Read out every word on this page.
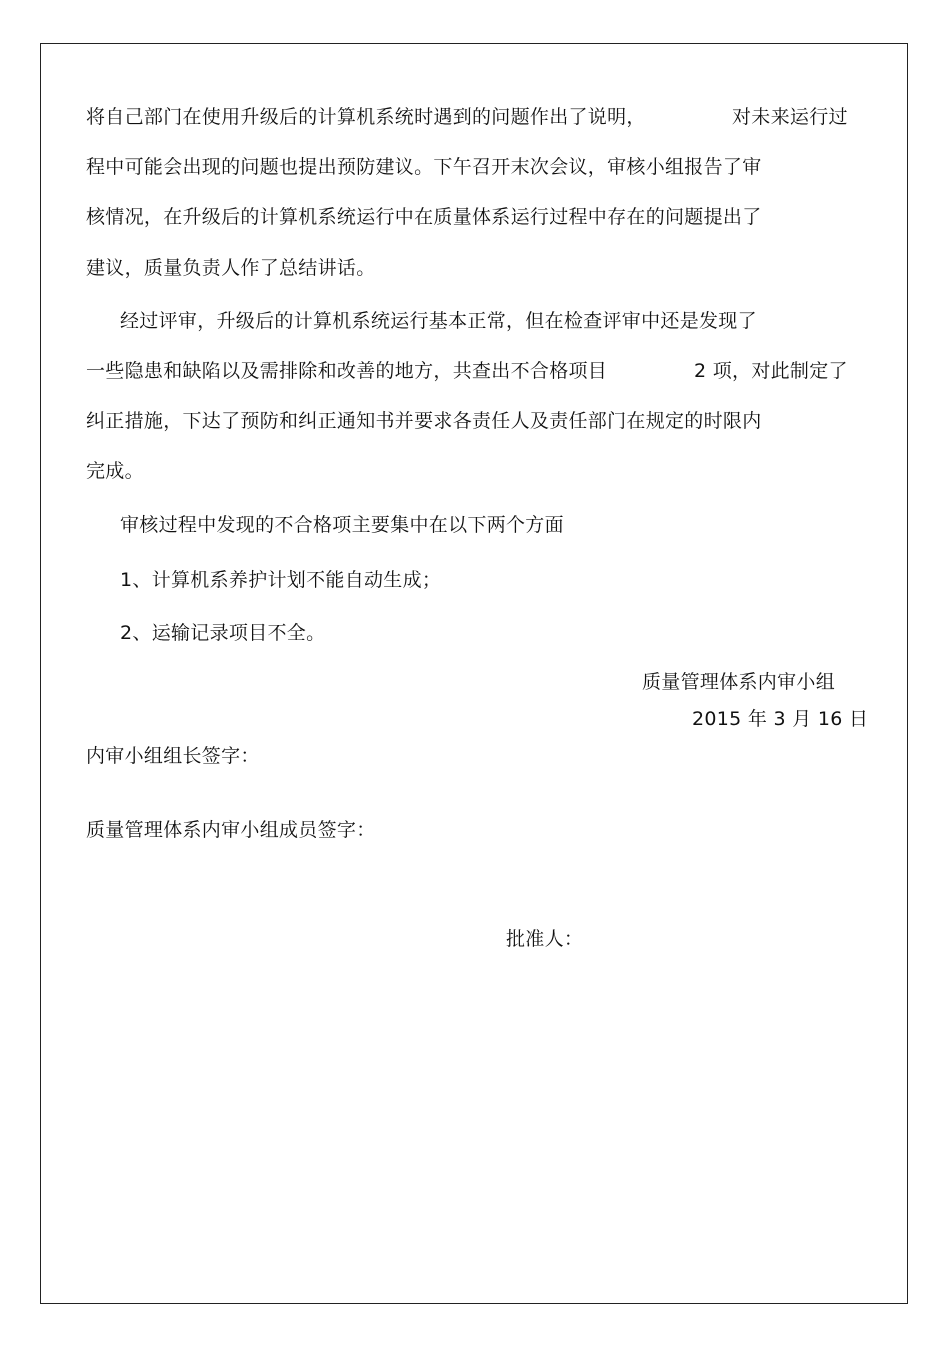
将自己部门在使用升级后的计算机系统时遇到的问题作出了说明，	对未来运行过
程中可能会出现的问题也提出预防建议。下午召开末次会议，审核小组报告了审
核情况，在升级后的计算机系统运行中在质量体系运行过程中存在的问题提出了
建议，质量负责人作了总结讲话。
经过评审，升级后的计算机系统运行基本正常，但在检查评审中还是发现了
一些隐患和缺陷以及需排除和改善的地方，共查出不合格项目	2 项，对此制定了
纠正措施，下达了预防和纠正通知书并要求各责任人及责任部门在规定的时限内
完成。
审核过程中发现的不合格项主要集中在以下两个方面
1、计算机系养护计划不能自动生成；
2、运输记录项目不全。
质量管理体系内审小组
2015 年 3 月 16 日
内审小组组长签字：
质量管理体系内审小组成员签字：
批准人：
